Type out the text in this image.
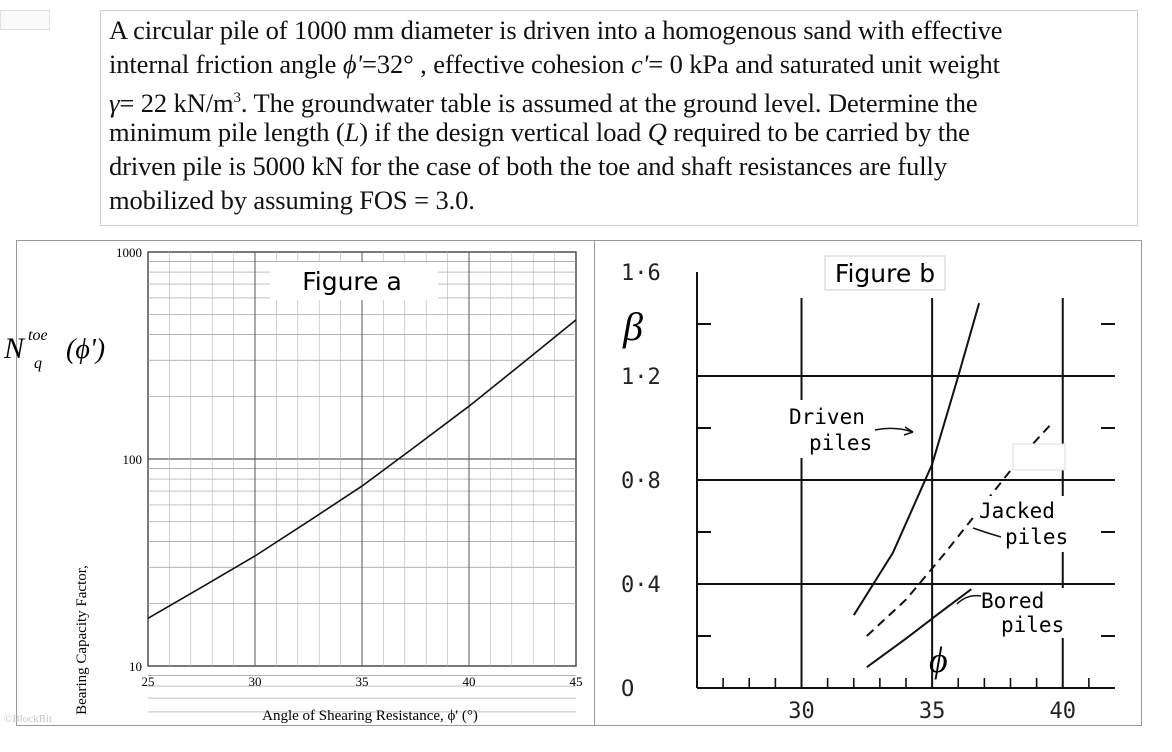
A circular pile of 1000 mm diameter is driven into a homogenous sand with effective
internal friction angle ϕ'=32° , effective cohesion c'= 0 kPa and saturated unit weight
γ= 22 $kN/m^3$. The groundwater table is assumed at the ground level. Determine the
minimum pile length (L) if the design vertical load Q required to be carried by the
driven pile is 5000 kN for the case of both the toe and shaft resistances are fully
mobilized by assuming FOS = 3.0.
N toe
q (ϕ')
Bearing Capacity Factor,
©BlockBit
Figure a
10
100
1000
25	30	35	40	45
Angle of Shearing Resistance, ϕ' (°)
Figure b
β
O
0·4
0·8
1·2
1·6
30	35	40
Driven
piles
Jacked
piles
Bored
piles
ϕ
